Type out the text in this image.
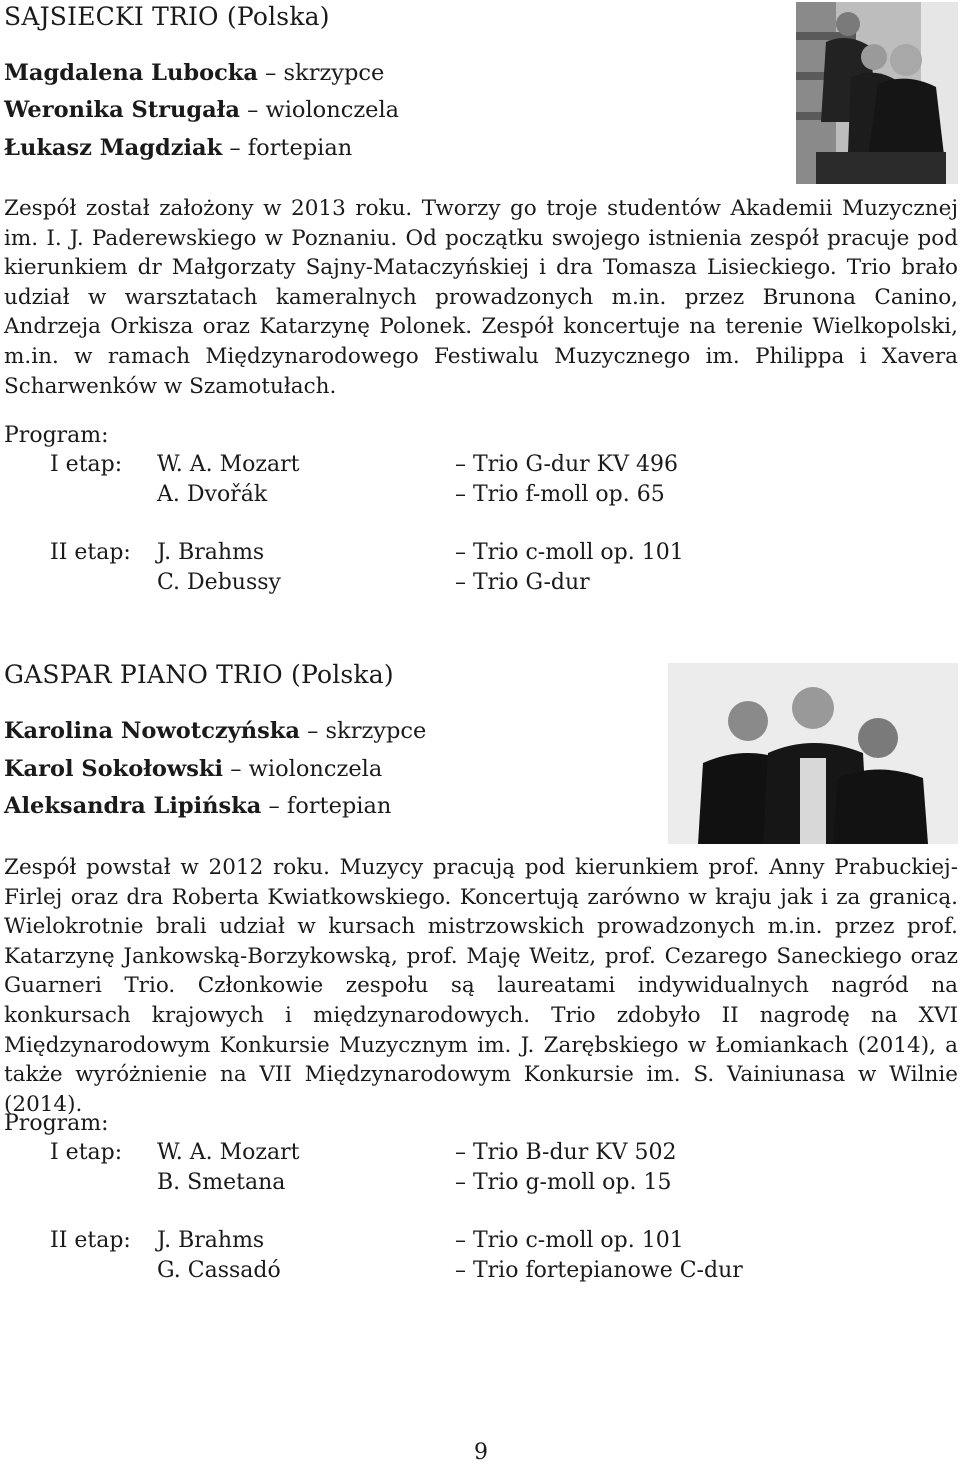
SAJSIECKI TRIO (Polska)
Magdalena Lubocka – skrzypce
Weronika Strugała – wiolonczela
Łukasz Magdziak – fortepian

Zespół został założony w 2013 roku. Tworzy go troje studentów Akademii Muzycznej im. I. J. Paderewskiego w Poznaniu. Od początku swojego istnienia zespół pracuje pod kierunkiem dr Małgorzaty Sajny-Mataczyńskiej i dra Tomasza Lisieckiego. Trio brało udział w warsztatach kameralnych prowadzonych m.in. przez Brunona Canino, Andrzeja Orkisza oraz Katarzynę Polonek. Zespół koncertuje na terenie Wielkopolski, m.in. w ramach Międzynarodowego Festiwalu Muzycznego im. Philippa i Xavera Scharwenków w Szamotułach.

Program:
I etap: W. A. Mozart	– Trio G-dur KV 496
A. Dvořák	– Trio f-moll op. 65
II etap: J. Brahms	– Trio c-moll op. 101
C. Debussy	– Trio G-dur
GASPAR PIANO TRIO (Polska)
Karolina Nowotczyńska – skrzypce
Karol Sokołowski – wiolonczela
Aleksandra Lipińska – fortepian

Zespół powstał w 2012 roku. Muzycy pracują pod kierunkiem prof. Anny Prabuckiej-Firlej oraz dra Roberta Kwiatkowskiego. Koncertują zarówno w kraju jak i za granicą. Wielokrotnie brali udział w kursach mistrzowskich prowadzonych m.in. przez prof. Katarzynę Jankowską-Borzykowską, prof. Maję Weitz, prof. Cezarego Saneckiego oraz Guarneri Trio. Członkowie zespołu są laureatami indywidualnych nagród na konkursach krajowych i międzynarodowych. Trio zdobyło II nagrodę na XVI Międzynarodowym Konkursie Muzycznym im. J. Zarębskiego w Łomiankach (2014), a także wyróżnienie na VII Międzynarodowym Konkursie im. S. Vainiunasa w Wilnie (2014).

Program:
I etap: W. A. Mozart	– Trio B-dur KV 502
B. Smetana	– Trio g-moll op. 15
II etap: J. Brahms	– Trio c-moll op. 101
G. Cassadó	– Trio fortepianowe C-dur
9
